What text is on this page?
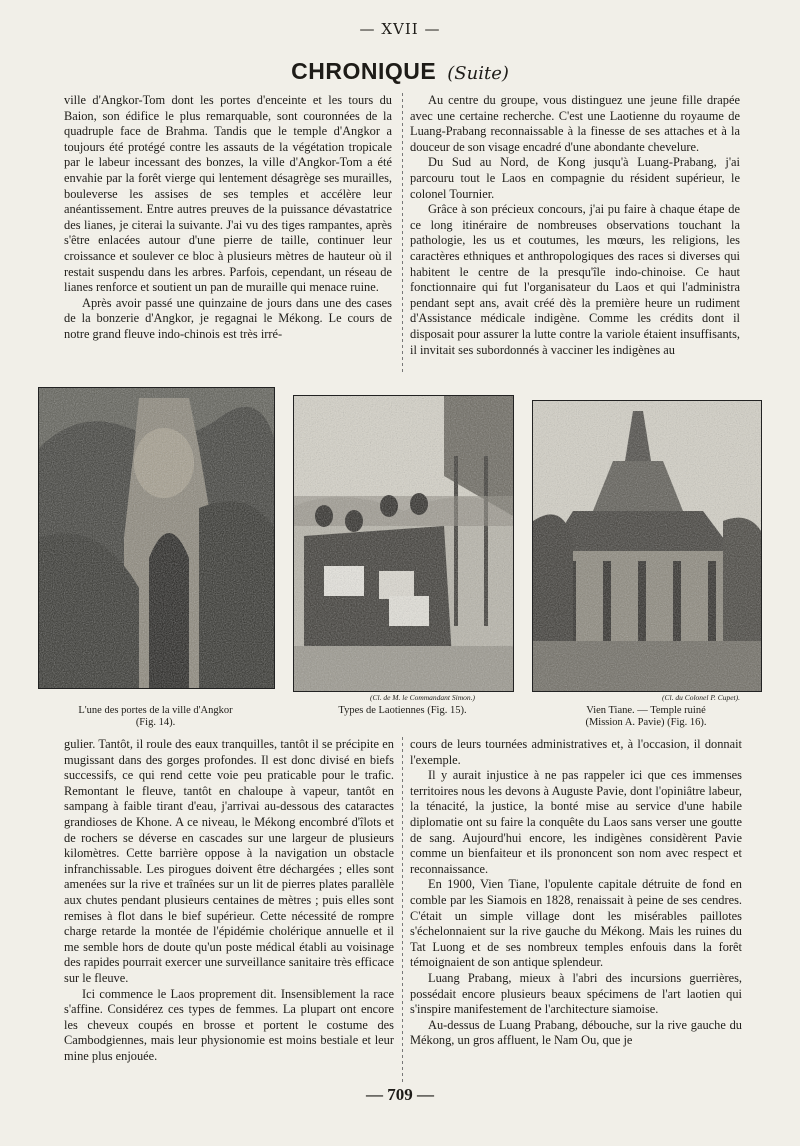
— XVII —
CHRONIQUE (Suite)

ville d'Angkor-Tom dont les portes d'enceinte et les tours du Baion, son édifice le plus remarquable, sont couronnées de la quadruple face de Brahma. Tandis que le temple d'Angkor a toujours été protégé contre les assauts de la végétation tropicale par le labeur incessant des bonzes, la ville d'Angkor-Tom a été envahie par la forêt vierge qui lentement désagrège ses murailles, bouleverse les assises de ses temples et accélère leur anéantissement. Entre autres preuves de la puissance dévastatrice des lianes, je citerai la suivante. J'ai vu des tiges rampantes, après s'être enlacées autour d'une pierre de taille, continuer leur croissance et soulever ce bloc à plusieurs mètres de hauteur où il restait suspendu dans les arbres. Parfois, cependant, un réseau de lianes renforce et soutient un pan de muraille qui menace ruine.

Après avoir passé une quinzaine de jours dans une des cases de la bonzerie d'Angkor, je regagnai le Mékong. Le cours de notre grand fleuve indo-chinois est très irré-

Au centre du groupe, vous distinguez une jeune fille drapée avec une certaine recherche. C'est une Laotienne du royaume de Luang-Prabang reconnaissable à la finesse de ses attaches et à la douceur de son visage encadré d'une abondante chevelure.

Du Sud au Nord, de Kong jusqu'à Luang-Prabang, j'ai parcouru tout le Laos en compagnie du résident supérieur, le colonel Tournier.

Grâce à son précieux concours, j'ai pu faire à chaque étape de ce long itinéraire de nombreuses observations touchant la pathologie, les us et coutumes, les mœurs, les religions, les caractères ethniques et anthropologiques des races si diverses qui habitent le centre de la presqu'île indo-chinoise. Ce haut fonctionnaire qui fut l'organisateur du Laos et qui l'administra pendant sept ans, avait créé dès la première heure un rudiment d'Assistance médicale indigène. Comme les crédits dont il disposait pour assurer la lutte contre la variole étaient insuffisants, il invitait ses subordonnés à vacciner les indigènes au

L'une des portes de la ville d'Angkor
(Fig. 14).
(Cl. de M. le Commandant Simon.)
Types de Laotiennes (Fig. 15).
(Cl. du Colonel P. Cupet).
Vien Tiane. — Temple ruiné
(Mission A. Pavie) (Fig. 16).

gulier. Tantôt, il roule des eaux tranquilles, tantôt il se précipite en mugissant dans des gorges profondes. Il est donc divisé en biefs successifs, ce qui rend cette voie peu praticable pour le trafic. Remontant le fleuve, tantôt en chaloupe à vapeur, tantôt en sampang à faible tirant d'eau, j'arrivai au-dessous des cataractes grandioses de Khone. A ce niveau, le Mékong encombré d'îlots et de rochers se déverse en cascades sur une largeur de plusieurs kilomètres. Cette barrière oppose à la navigation un obstacle infranchissable. Les pirogues doivent être déchargées ; elles sont amenées sur la rive et traînées sur un lit de pierres plates parallèle aux chutes pendant plusieurs centaines de mètres ; puis elles sont remises à flot dans le bief supérieur. Cette nécessité de rompre charge retarde la montée de l'épidémie cholérique annuelle et il me semble hors de doute qu'un poste médical établi au voisinage des rapides pourrait exercer une surveillance sanitaire très efficace sur le fleuve.

Ici commence le Laos proprement dit. Insensiblement la race s'affine. Considérez ces types de femmes. La plupart ont encore les cheveux coupés en brosse et portent le costume des Cambodgiennes, mais leur physionomie est moins bestiale et leur mine plus enjouée.

cours de leurs tournées administratives et, à l'occasion, il donnait l'exemple.

Il y aurait injustice à ne pas rappeler ici que ces immenses territoires nous les devons à Auguste Pavie, dont l'opiniâtre labeur, la ténacité, la justice, la bonté mise au service d'une habile diplomatie ont su faire la conquête du Laos sans verser une goutte de sang. Aujourd'hui encore, les indigènes considèrent Pavie comme un bienfaiteur et ils prononcent son nom avec respect et reconnaissance.

En 1900, Vien Tiane, l'opulente capitale détruite de fond en comble par les Siamois en 1828, renaissait à peine de ses cendres. C'était un simple village dont les misérables paillotes s'échelonnaient sur la rive gauche du Mékong. Mais les ruines du Tat Luong et de ses nombreux temples enfouis dans la forêt témoignaient de son antique splendeur.

Luang Prabang, mieux à l'abri des incursions guerrières, possédait encore plusieurs beaux spécimens de l'art laotien qui s'inspire manifestement de l'architecture siamoise.

Au-dessus de Luang Prabang, débouche, sur la rive gauche du Mékong, un gros affluent, le Nam Ou, que je

— 709 —
